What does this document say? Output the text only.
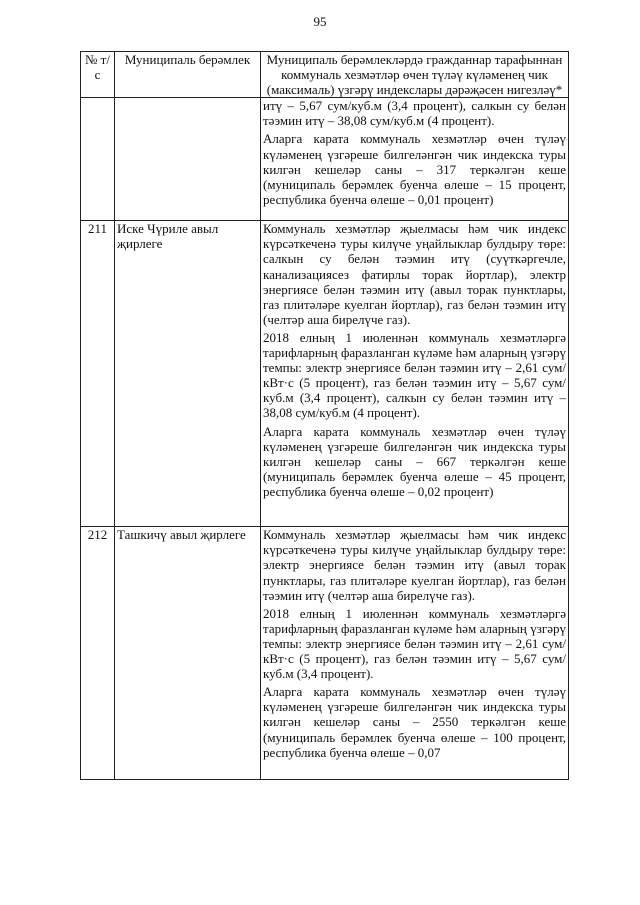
95
№ т/с	Муниципаль берәмлек	Муниципаль берәмлекләрдә гражданнар тарафыннан коммуналь хезмәтләр өчен түләү күләменең чик (максималь) үзгәрү индекслары дәрәҗәсен нигезләү*

		итү – 5,67 сум/куб.м (3,4 процент), салкын су белән тәэмин итү – 38,08 сум/куб.м (4 процент).

Аларга карата коммуналь хезмәтләр өчен түләү күләменең үзгәреше билгеләнгән чик индекска туры килгән кешеләр саны – 317 теркәлгән кеше (муниципаль берәмлек буенча өлеше – 15 процент, республика буенча өлеше – 0,01 процент)

211	Иске Чүриле авыл җирлеге	Коммуналь хезмәтләр җыелмасы һәм чик индекс күрсәткеченә туры килүче уңайлыклар булдыру төре: салкын су белән тәэмин итү (суүткәргечле, канализациясез фатирлы торак йортлар), электр энергиясе белән тәэмин итү (авыл торак пунктлары, газ плитәләре куелган йортлар), газ белән тәэмин итү (челтәр аша бирелүче газ).

2018 елның 1 июленнән коммуналь хезмәтләргә тарифларның фаразланган күләме һәм аларның үзгәрү темпы: электр энергиясе белән тәэмин итү – 2,61 сум/кВт·с (5 процент), газ белән тәэмин итү – 5,67 сум/куб.м (3,4 процент), салкын су белән тәэмин итү – 38,08 сум/куб.м (4 процент).

Аларга карата коммуналь хезмәтләр өчен түләү күләменең үзгәреше билгеләнгән чик индекска туры килгән кешеләр саны – 667 теркәлгән кеше (муниципаль берәмлек буенча өлеше – 45 процент, республика буенча өлеше – 0,02 процент)

212	Ташкичү авыл җирлеге	Коммуналь хезмәтләр җыелмасы һәм чик индекс күрсәткеченә туры килүче уңайлыклар булдыру төре: электр энергиясе белән тәэмин итү (авыл торак пунктлары, газ плитәләре куелган йортлар), газ белән тәэмин итү (челтәр аша бирелүче газ).

2018 елның 1 июленнән коммуналь хезмәтләргә тарифларның фаразланган күләме һәм аларның үзгәрү темпы: электр энергиясе белән тәэмин итү – 2,61 сум/кВт·с (5 процент), газ белән тәэмин итү – 5,67 сум/куб.м (3,4 процент).

Аларга карата коммуналь хезмәтләр өчен түләү күләменең үзгәреше билгеләнгән чик индекска туры килгән кешеләр саны – 2550 теркәлгән кеше (муниципаль берәмлек буенча өлеше – 100 процент, республика буенча өлеше – 0,07
